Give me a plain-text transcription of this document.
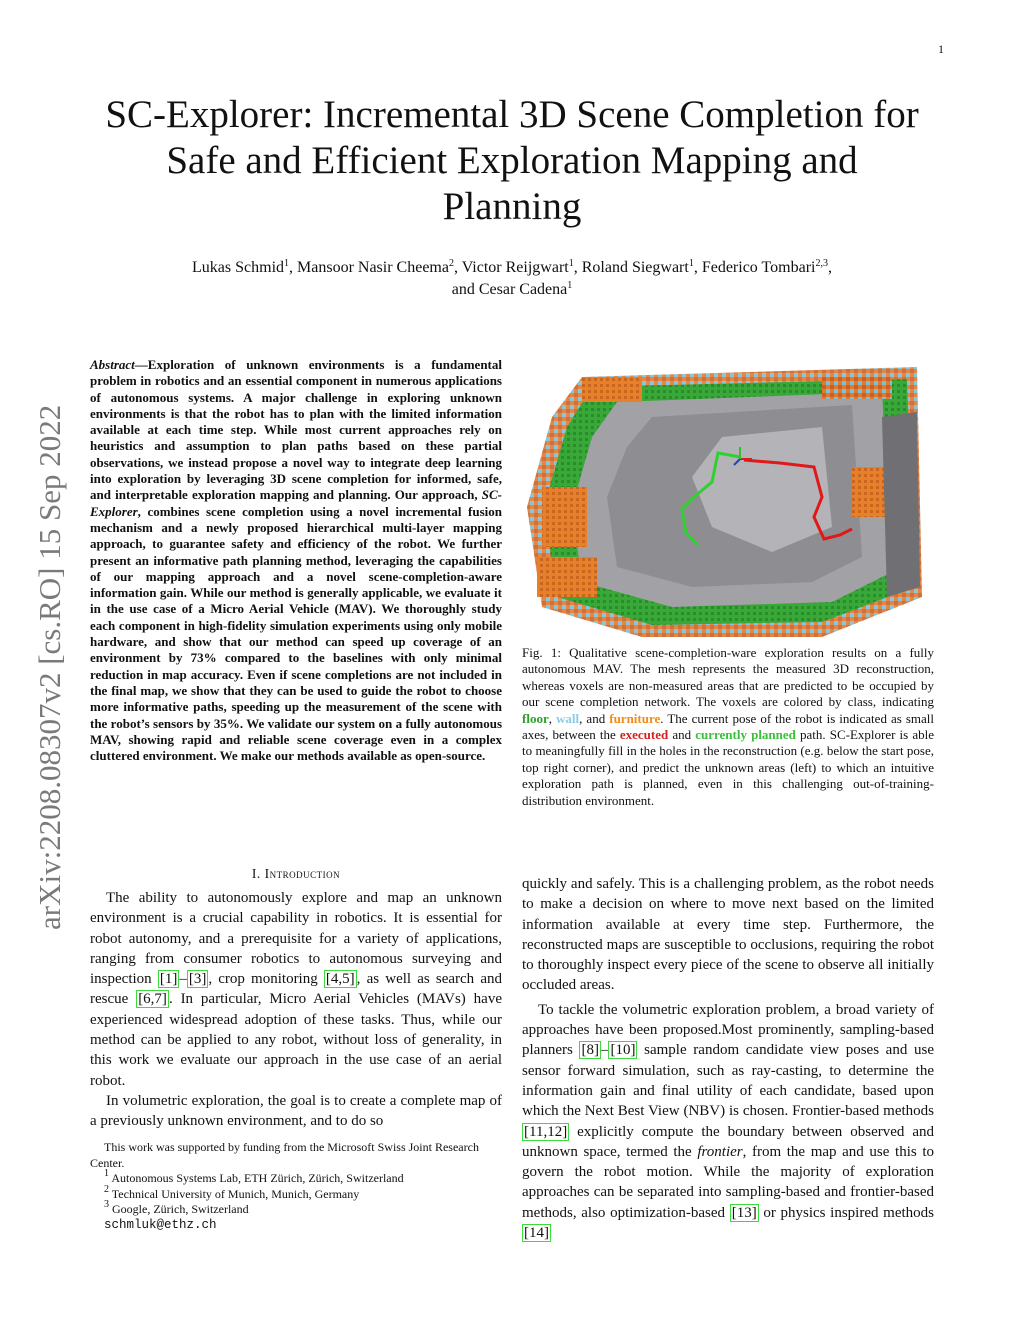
1
SC-Explorer: Incremental 3D Scene Completion for Safe and Efficient Exploration Mapping and Planning
Lukas Schmid$^1$, Mansoor Nasir Cheema$^2$, Victor Reijgwart$^1$, Roland Siegwart$^1$, Federico Tombari$^{2,3}$,
and Cesar Cadena$^1$
arXiv:2208.08307v2 [cs.RO] 15 Sep 2022
Abstract—Exploration of unknown environments is a fundamental problem in robotics and an essential component in numerous applications of autonomous systems. A major challenge in exploring unknown environments is that the robot has to plan with the limited information available at each time step. While most current approaches rely on heuristics and assumption to plan paths based on these partial observations, we instead propose a novel way to integrate deep learning into exploration by leveraging 3D scene completion for informed, safe, and interpretable exploration mapping and planning. Our approach, SC-Explorer, combines scene completion using a novel incremental fusion mechanism and a newly proposed hierarchical multi-layer mapping approach, to guarantee safety and efficiency of the robot. We further present an informative path planning method, leveraging the capabilities of our mapping approach and a novel scene-completion-aware information gain. While our method is generally applicable, we evaluate it in the use case of a Micro Aerial Vehicle (MAV). We thoroughly study each component in high-fidelity simulation experiments using only mobile hardware, and show that our method can speed up coverage of an environment by 73% compared to the baselines with only minimal reduction in map accuracy. Even if scene completions are not included in the final map, we show that they can be used to guide the robot to choose more informative paths, speeding up the measurement of the scene with the robot’s sensors by 35%. We validate our system on a fully autonomous MAV, showing rapid and reliable scene coverage even in a complex cluttered environment. We make our methods available as open-source.
Fig. 1: Qualitative scene-completion-ware exploration results on a fully autonomous MAV. The mesh represents the measured 3D reconstruction, whereas voxels are non-measured areas that are predicted to be occupied by our scene completion network. The voxels are colored by class, indicating floor, wall, and furniture. The current pose of the robot is indicated as small axes, between the executed and currently planned path. SC-Explorer is able to meaningfully fill in the holes in the reconstruction (e.g. below the start pose, top right corner), and predict the unknown areas (left) to which an intuitive exploration path is planned, even in this challenging out-of-training-distribution environment.
I. Introduction

The ability to autonomously explore and map an unknown environment is a crucial capability in robotics. It is essential for robot autonomy, and a prerequisite for a variety of applications, ranging from consumer robotics to autonomous surveying and inspection [1] – [3] , crop monitoring [4,5] , as well as search and rescue [6,7] . In particular, Micro Aerial Vehicles (MAVs) have experienced widespread adoption of these tasks. Thus, while our method can be applied to any robot, without loss of generality, in this work we evaluate our approach in the use case of an aerial robot.

In volumetric exploration, the goal is to create a complete map of a previously unknown environment, and to do so

quickly and safely. This is a challenging problem, as the robot needs to make a decision on where to move next based on the limited information available at every time step. Furthermore, the reconstructed maps are susceptible to occlusions, requiring the robot to thoroughly inspect every piece of the scene to observe all initially occluded areas.

To tackle the volumetric exploration problem, a broad variety of approaches have been proposed.Most prominently, sampling-based planners [8] – [10] sample random candidate view poses and use sensor forward simulation, such as ray-casting, to determine the information gain and final utility of each candidate, based upon which the Next Best View (NBV) is chosen. Frontier-based methods [11,12] explicitly compute the boundary between observed and unknown space, termed the frontier, from the map and use this to govern the robot motion. While the majority of exploration approaches can be separated into sampling-based and frontier-based methods, also optimization-based [13] or physics inspired methods [14]

This work was supported by funding from the Microsoft Swiss Joint Research Center.
$^1$ Autonomous Systems Lab, ETH Zürich, Zürich, Switzerland
$^2$ Technical University of Munich, Munich, Germany
$^3$ Google, Zürich, Switzerland
schmluk@ethz.ch
